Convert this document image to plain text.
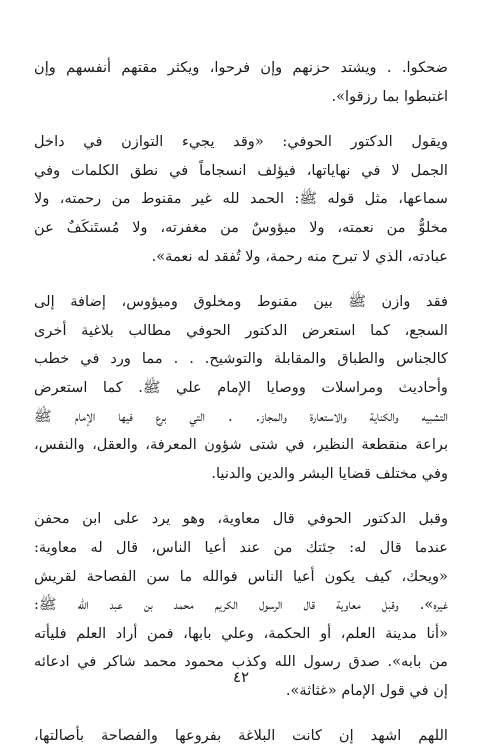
ضحكوا. . ويشتد حزنهم وإن فرحوا، ويكثر مقتهم أنفسهم وإن
اغتبطوا بما رزقوا».
ويقول الدكتور الحوفي: «وقد يجيء التوازن في داخل
الجمل لا في نهاياتها، فيؤلف انسجاماً في نطق الكلمات وفي
سماعها، مثل قوله ﷺ: الحمد لله غير مقنوط من رحمته، ولا
مخلوٌّ من نعمته، ولا ميؤوسٌ من مغفرته، ولا مُستَنكَفٌ عن
عبادته، الذي لا تبرح منه رحمة، ولا تُفقد له نعمة».
فقد وازن ﷺ بين مقنوط ومخلوق وميؤوس، إضافة إلى
السجع، كما استعرض الدكتور الحوفي مطالب بلاغية أخرى
كالجناس والطباق والمقابلة والتوشيح. . . مما ورد في خطب
وأحاديث ومراسلات ووصايا الإمام علي ﷺ. كما استعرض
التشبيه والكناية والاستعارة والمجاز. . التي برع فيها الإمام ﷺ
براعة منقطعة النظير، في شتى شؤون المعرفة، والعقل، والنفس،
وفي مختلف قضايا البشر والدين والدنيا.
وقبل الدكتور الحوفي قال معاوية، وهو يرد على ابن محفن
عندما قال له: جئتك من عند أعيا الناس، قال له معاوية:
«ويحك، كيف يكون أعيا الناس فوالله ما سن الفصاحة لقريش
غيره». وقبل معاوية قال الرسول الكريم محمد بن عبد الله ﷺ:
«أنا مدينة العلم، أو الحكمة، وعلي بابها، فمن أراد العلم فليأته
من بابه». صدق رسول الله وكذب محمود محمد شاكر في ادعائه
إن في قول الإمام «غثاثة».
اللهم اشهد إن كانت البلاغة بفروعها والفصاحة بأصالتها،
٤٢
